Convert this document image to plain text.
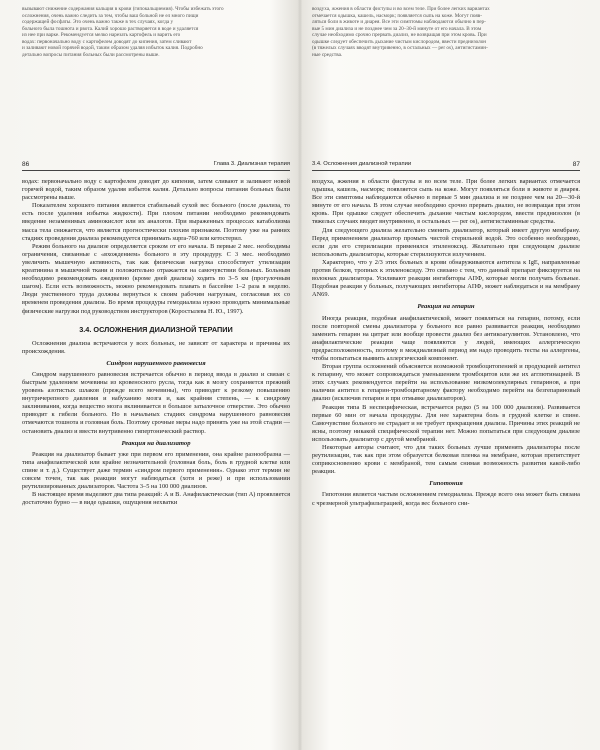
вызывают снижение содержания кальция в крови (гипокальциемия). Чтобы избежать этого

осложнения, очень важно следить за тем, чтобы ваш больной не ел много пищи

содержащей фосфаты. Это очень важно также в тех случаях, когда у

больного была тошнота и рвота. Калий хорошо растворяется в воде и удаляется

из нее при варке. Рекомендуется мелко нарезать картофель и варить его

водах: первоначально воду с картофелем доводят до кипения, затем сливают

и заливают новой горячей водой, таким образом удаляя избыток калия. Подробно

детально вопросы питания больных были рассмотрены выше.

воздуха, жжения в области фистулы и во всем теле. При более легких вариантах

отмечается одышка, кашель, насморк; появляется сыпь на коже. Могут появ-

ляться боли в животе и диарея. Все эти симптомы наблюдаются обычно в пер-

вые 5 мин диализа и не позднее чем за 20–30-й минуте от его начала. В этом

случае необходимо срочно прервать диализ, не возвращая при этом кровь. При

одышке следует обеспечить дыхание чистым кислородом, ввести преднизолон

(в тяжелых случаях вводят внутривенно, в остальных — per os), антигистамин-

ные средства.

86	Глава 3. Диализная терапия	3.4. Осложнения диализной терапии	87

водах: первоначально воду с картофелем доводят до кипения, затем сливают и заливают новой горячей водой, таким образом удаляя избыток калия. Детально вопросы питания больных были рассмотрены выше.

Показателем хорошего питания является стабильный сухой вес больного (после диализа, то есть после удаления избытка жидкости). При плохом питании необходимо рекомендовать введение незаменимых аминокислот или их аналогов. При выраженных процессах катаболизма масса тела снижается, что является прогностически плохим признаком. Поэтому уже на ранних стадиях проведения диализа рекомендуется принимать supra-760 или кетостерил.

Режим больного на диализе определяется сроком от его начала. В первые 2 мес. необходимы ограничения, связанные с «вхождением» больного в эту процедуру. С 3 мес. необходимо увеличить мышечную активность, так как физическая нагрузка способствует утилизации креатинина в мышечной ткани и положительно отражается на самочувствии больных. Больным необходимо рекомендовать ежедневно (кроме дней диализа) ходить по 3–5 км (прогулочным шагом). Если есть возможность, можно рекомендовать плавать в бассейне 1–2 раза в неделю. Люди умственного труда должны вернуться к своим рабочим нагрузкам, согласовав их со временем проведения диализа. Во время процедуры гемодиализа нужно проводить минимальные физические нагрузки под руководством инструкторов (Коростылева Н. Ю., 1997).

3.4. ОСЛОЖНЕНИЯ ДИАЛИЗНОЙ ТЕРАПИИ

Осложнения диализа встречаются у всех больных, не зависят от характера и причины их происхождения.

Синдром нарушенного равновесия

Синдром нарушенного равновесия встречается обычно в период ввода в диализ и связан с быстрым удалением мочевины из кровеносного русла, тогда как в мозгу сохраняется прежний уровень азотистых шлаков (прежде всего мочевины), что приводит к резкому повышению внутричерепного давления и набуханию мозга и, как крайняя степень, — к синдрому заклинивания, когда вещество мозга вклинивается в большое затылочное отверстие. Это обычно приводит к гибели больного. Но в начальных стадиях синдрома нарушенного равновесия отмечаются тошнота и головная боль. Поэтому срочные меры надо принять уже на этой стадии — остановить диализ и ввести внутривенно гипертонический раствор.

Реакция на диализатор

Реакция на диализатор бывает уже при первом его применении, она крайне разнообразна — типа анафилактической или крайне незначительной (головная боль, боль в грудной клетке или спине и т. д.). Существует даже термин «синдром первого применения». Однако этот термин не совсем точен, так как реакции могут наблюдаться (хотя и реже) и при использовании реутилизированных диализаторов. Частота 3–5 на 100 000 диализов.

В настоящее время выделяют два типа реакций: А и В. Анафилактическая (тип А) проявляется достаточно бурно — в виде одышки, ощущения нехватки

воздуха, жжения в области фистулы и во всем теле. При более легких вариантах отмечается одышка, кашель, насморк; появляется сыпь на коже. Могут появляться боли в животе и диарея. Все эти симптомы наблюдаются обычно в первые 5 мин диализа и не позднее чем на 20—30-й минуте от его начала. В этом случае необходимо срочно прервать диализ, не возвращая при этом кровь. При одышке следует обеспечить дыхание чистым кислородом, ввести преднизолон (в тяжелых случаях вводят внутривенно, в остальных — per os), антигистаминные средства.

Для следующего диализа желательно сменить диализатор, который имеет другую мембрану. Перед применением диализатор промыть чистой стерильной водой. Это особенно необходимо, если для его стерилизации применялся этиленоксид. Желательно при следующем диализе использовать диализаторы, которые стерилизуются излучением.

Характерно, что у 2/3 этих больных в крови обнаруживаются антитела к IgE, направленные против белков, тропных к этиленоксиду. Это связано с тем, что данный препарат фиксируется на волокнах диализатора. Усиливают реакции ингибиторы АПФ, которые могли получать больные. Подобная реакция у больных, получающих ингибиторы АПФ, может наблюдаться и на мембрану AN69.

Реакция на гепарин

Иногда реакция, подобная анафилактической, может появляться на гепарин, потому, если после повторной смены диализатора у больного все равно развивается реакция, необходимо заменить гепарин на цитрат или вообще провести диализ без антикоагулянтов. Установлено, что анафилактические реакции чаще появляются у людей, имеющих аллергическую предрасположенность, поэтому в междиализный период им надо проводить тесты на аллергены, чтобы попытаться выявить аллергический компонент.

Вторая группа осложнений объясняется возможной тромбоцитопенией и продукцией антител к гепарину, что может сопровождаться уменьшением тромбоцитов или же их агглютинацией. В этих случаях рекомендуется перейти на использование низкомолекулярных гепаринов, а при наличии антител к гепарин-тромбоцитарному фактору необходимо перейти на безгепариновый диализ (исключив гепарин и при отмывке диализаторов).

Реакция типа В неспецифическая, встречается редко (5 на 100 000 диализов). Развивается первые 60 мин от начала процедуры. Для нее характерна боль в грудной клетке и спине. Самочувствие больного не страдает и не требует прекращения диализа. Причины этих реакций не ясны, поэтому никакой специфической терапии нет. Можно попытаться при следующем диализе использовать диализатор с другой мембраной.

Некоторые авторы считают, что для таких больных лучше применять диализаторы после реутилизации, так как при этом образуется белковая пленка на мембране, которая препятствует соприкосновению крови с мембраной, тем самым снимая возможность развития какой-либо реакции.

Гипотония

Гипотония является частым осложнением гемодиализа. Прежде всего она может быть связана с чрезмерной ультрафильтрацией, когда вес больного сни-
